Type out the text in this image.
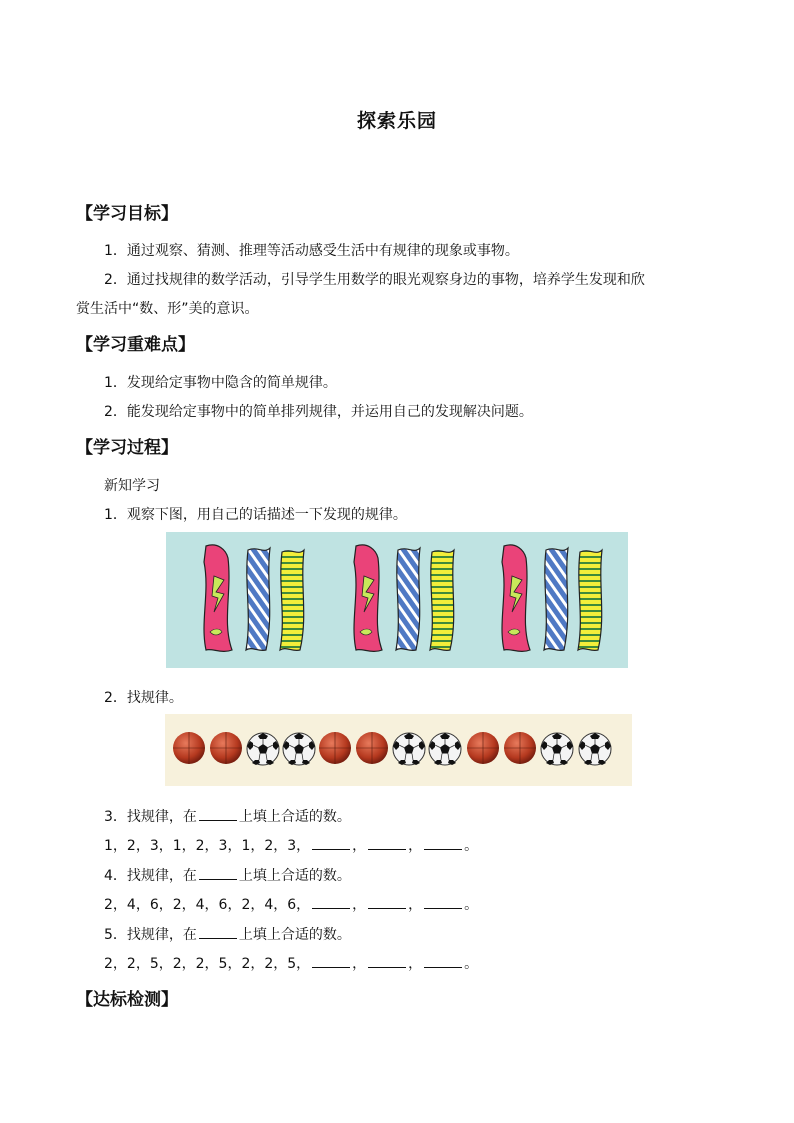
探索乐园
【学习目标】
1．通过观察、猜测、推理等活动感受生活中有规律的现象或事物。
2．通过找规律的数学活动，引导学生用数学的眼光观察身边的事物，培养学生发现和欣
赏生活中“数、形”美的意识。
【学习重难点】
1．发现给定事物中隐含的简单规律。
2．能发现给定事物中的简单排列规律，并运用自己的发现解决问题。
【学习过程】
新知学习
1．观察下图，用自己的话描述一下发现的规律。
2．找规律。
3．找规律，在	上填上合适的数。
1，2，3，1，2，3，1，2，3，	，	，	。
4．找规律，在	上填上合适的数。
2，4，6，2，4，6，2，4，6，	，	，	。
5．找规律，在	上填上合适的数。
2，2，5，2，2，5，2，2，5，	，	，	。
【达标检测】
